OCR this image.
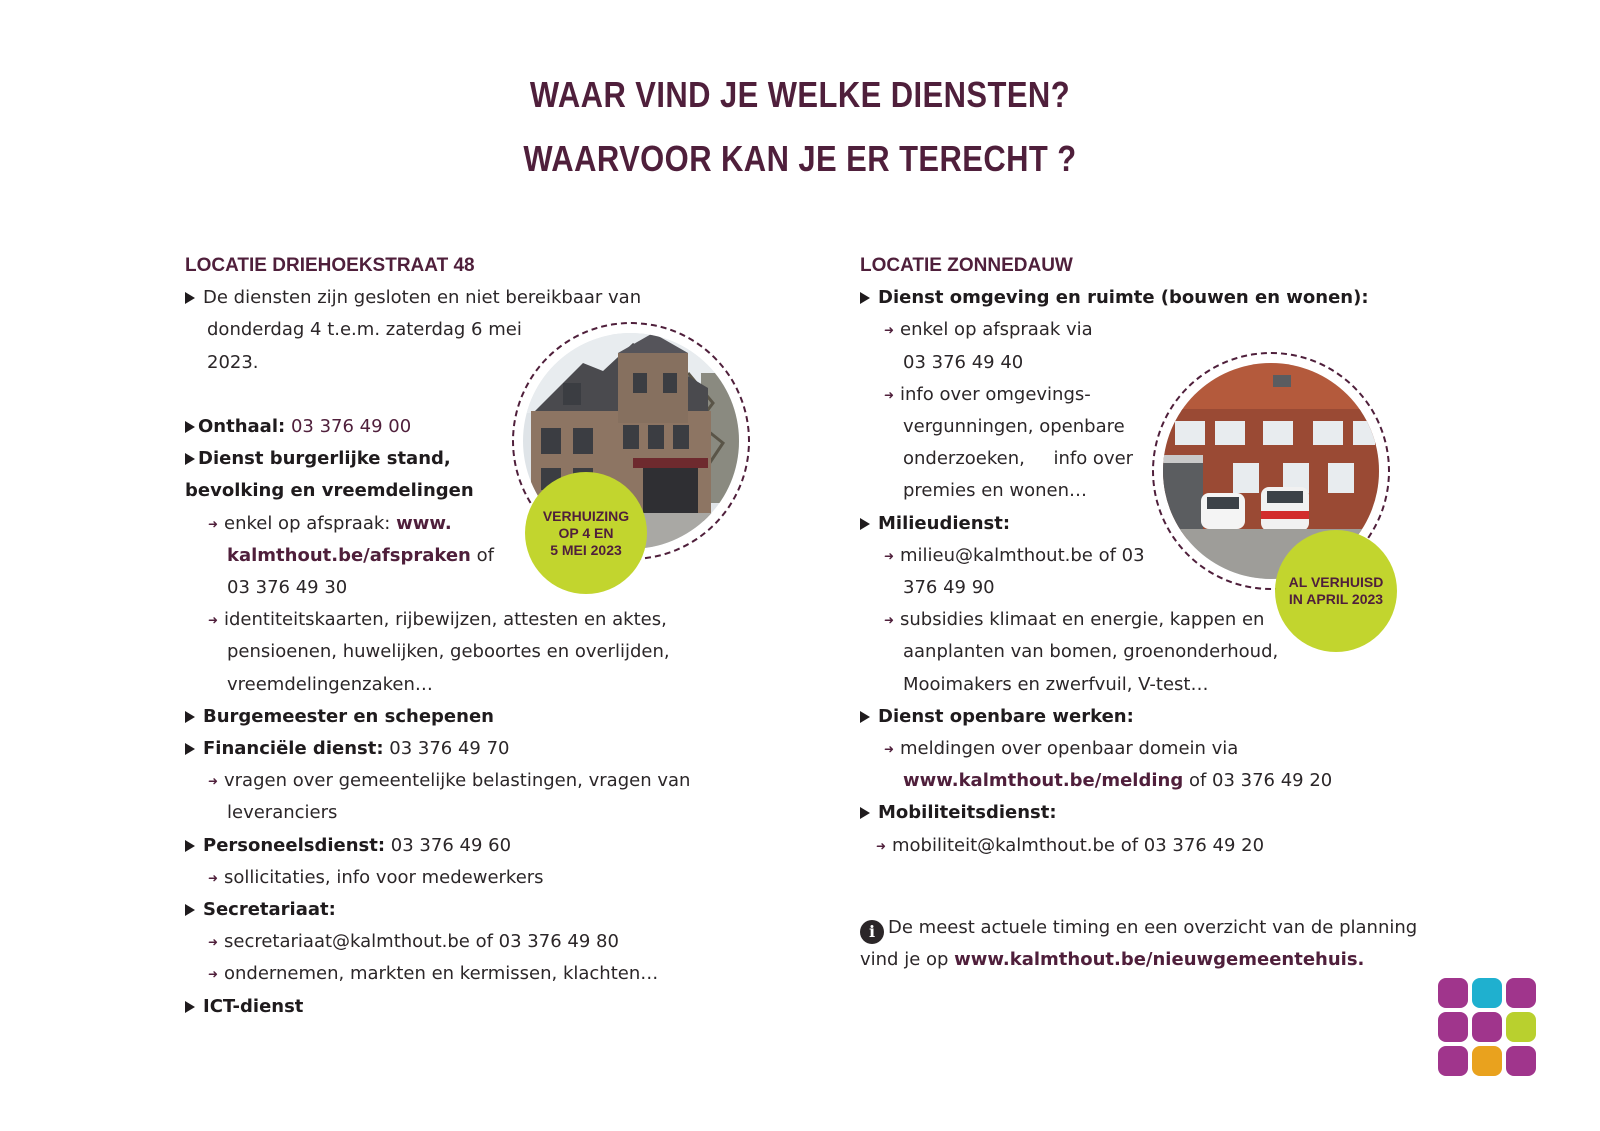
WAAR VIND JE WELKE DIENSTEN?
WAARVOOR KAN JE ER TERECHT ?
LOCATIE DRIEHOEKSTRAAT 48
De diensten zijn gesloten en niet bereikbaar van
donderdag 4 t.e.m. zaterdag 6 mei
2023.

Onthaal: 03 376 49 00
Dienst burgerlijke stand,
bevolking en vreemdelingen
➜ enkel op afspraak: www.
kalmthout.be/afspraken of
03 376 49 30
➜ identiteitskaarten, rijbewijzen, attesten en aktes,
pensioenen, huwelijken, geboortes en overlijden,
vreemdelingenzaken…
Burgemeester en schepenen
Financiële dienst: 03 376 49 70
➜ vragen over gemeentelijke belastingen, vragen van
leveranciers
Personeelsdienst: 03 376 49 60
➜ sollicitaties, info voor medewerkers
Secretariaat:
➜ secretariaat@kalmthout.be of 03 376 49 80
➜ ondernemen, markten en kermissen, klachten…
ICT-dienst
VERHUIZING
OP 4 EN
5 MEI 2023
LOCATIE ZONNEDAUW
Dienst omgeving en ruimte (bouwen en wonen):
➜ enkel op afspraak via
03 376 49 40
➜ info over omgevings-
vergunningen, openbare
onderzoeken,     info over
premies en wonen…
Milieudienst:
➜ milieu@kalmthout.be of 03
376 49 90
➜ subsidies klimaat en energie, kappen en
aanplanten van bomen, groenonderhoud,
Mooimakers en zwerfvuil, V-test…
Dienst openbare werken:
➜ meldingen over openbaar domein via
www.kalmthout.be/melding of 03 376 49 20
Mobiliteitsdienst:
➜ mobiliteit@kalmthout.be of 03 376 49 20
AL VERHUISD
IN APRIL 2023
i De meest actuele timing en een overzicht van de planning
vind je op www.kalmthout.be/nieuwgemeentehuis.
